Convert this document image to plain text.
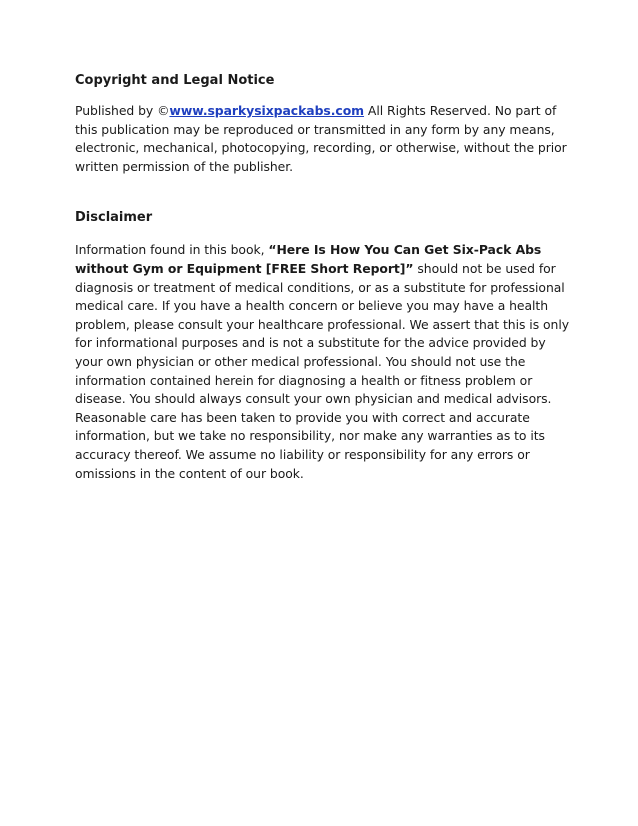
Copyright and Legal Notice

Published by ©www.sparkysixpackabs.com All Rights Reserved. No part of this publication may be reproduced or transmitted in any form by any means, electronic, mechanical, photocopying, recording, or otherwise, without the prior written permission of the publisher.

Disclaimer

Information found in this book, “Here Is How You Can Get Six-Pack Abs without Gym or Equipment [FREE Short Report]” should not be used for diagnosis or treatment of medical conditions, or as a substitute for professional medical care. If you have a health concern or believe you may have a health problem, please consult your healthcare professional. We assert that this is only for informational purposes and is not a substitute for the advice provided by your own physician or other medical professional. You should not use the information contained herein for diagnosing a health or fitness problem or disease. You should always consult your own physician and medical advisors. Reasonable care has been taken to provide you with correct and accurate information, but we take no responsibility, nor make any warranties as to its accuracy thereof. We assume no liability or responsibility for any errors or omissions in the content of our book.
